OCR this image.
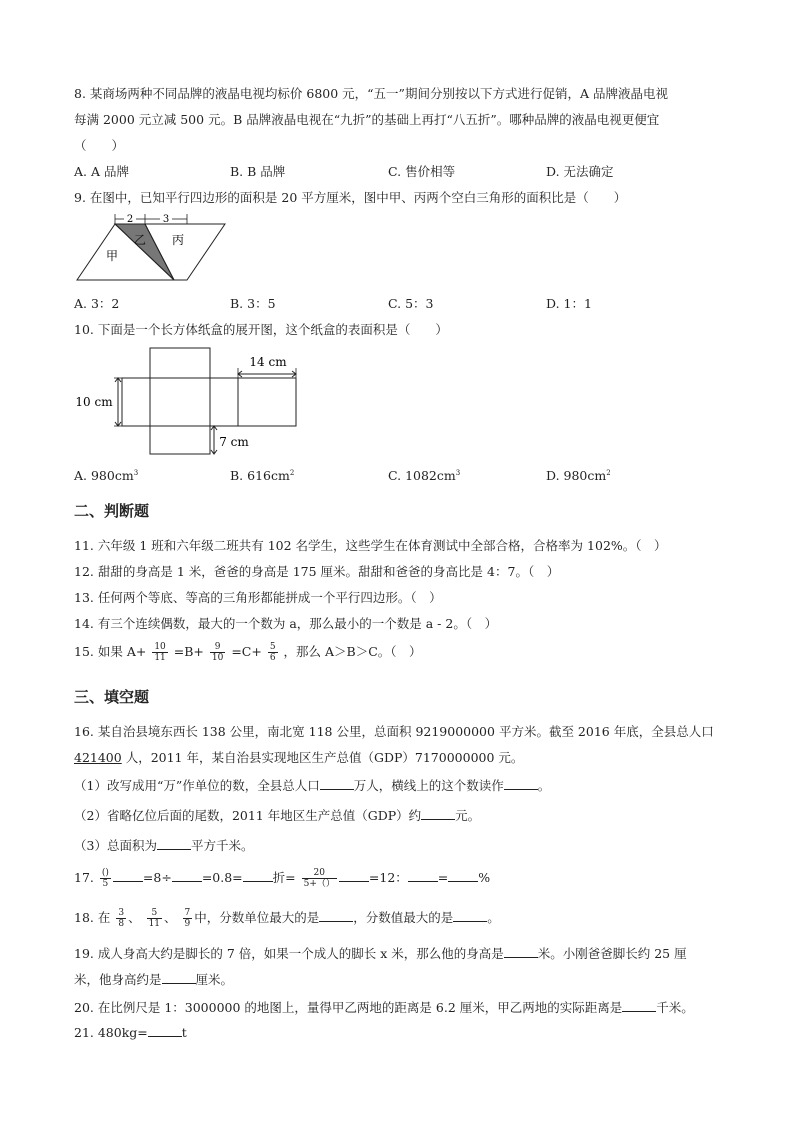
8. 某商场两种不同品牌的液晶电视均标价 6800 元，“五一”期间分别按以下方式进行促销，A 品牌液晶电视
每满 2000 元立减 500 元。B 品牌液晶电视在“九折”的基础上再打“八五折”。哪种品牌的液晶电视更便宜
（　　）
A. A 品牌	B. B 品牌	C. 售价相等	D. 无法确定
9. 在图中，已知平行四边形的面积是 20 平方厘米，图中甲、丙两个空白三角形的面积比是（　　）
2	3
甲
乙 丙
A. 3：2	B. 3：5	C. 5：3	D. 1：1
10. 下面是一个长方体纸盒的展开图，这个纸盒的表面积是（　　）
14 cm
10 cm
7 cm
A. $980cm^3$	B. $616cm^2$	C. $1082cm^3$	D. $980cm^2$
二、判断题
11. 六年级 1 班和六年级二班共有 102 名学生，这些学生在体育测试中全部合格，合格率为 102%。（　）
12. 甜甜的身高是 1 米，爸爸的身高是 175 厘米。甜甜和爸爸的身高比是 4：7。（　）
13. 任何两个等底、等高的三角形都能拼成一个平行四边形。（　）
14. 有三个连续偶数，最大的一个数为 a，那么最小的一个数是 a - 2。（　）
15. 如果 $A+ \frac{10}{11} =B+ \frac{9}{10} =C+ \frac{5}{6}$ ，那么 A＞B＞C。（　）
三、填空题
16. 某自治县境东西长 138 公里，南北宽 118 公里，总面积 9219000000 平方米。截至 2016 年底，全县总人口
421400 人，2011 年，某自治县实现地区生产总值（GDP）7170000000 元。
（1）改写成用“万”作单位的数，全县总人口	万人，横线上的这个数读作	。
（2）省略亿位后面的尾数，2011 年地区生产总值（GDP）约	元。
（3）总面积为	平方千米。
17. $\frac{()}{5}$	=8÷ =0.8= 折= $\frac{20}{5+()}$	=12： = %
18. 在 $\frac{3}{8}$ 、 $\frac{5}{11}$ 、 $\frac{7}{9}$ 中，分数单位最大的是	，分数值最大的是	。
19. 成人身高大约是脚长的 7 倍，如果一个成人的脚长 x 米，那么他的身高是	米。小刚爸爸脚长约 25 厘
米，他身高约是	厘米。
20. 在比例尺是 1：3000000 的地图上，量得甲乙两地的距离是 6.2 厘米，甲乙两地的实际距离是	千米。
21. 480kg=	t
